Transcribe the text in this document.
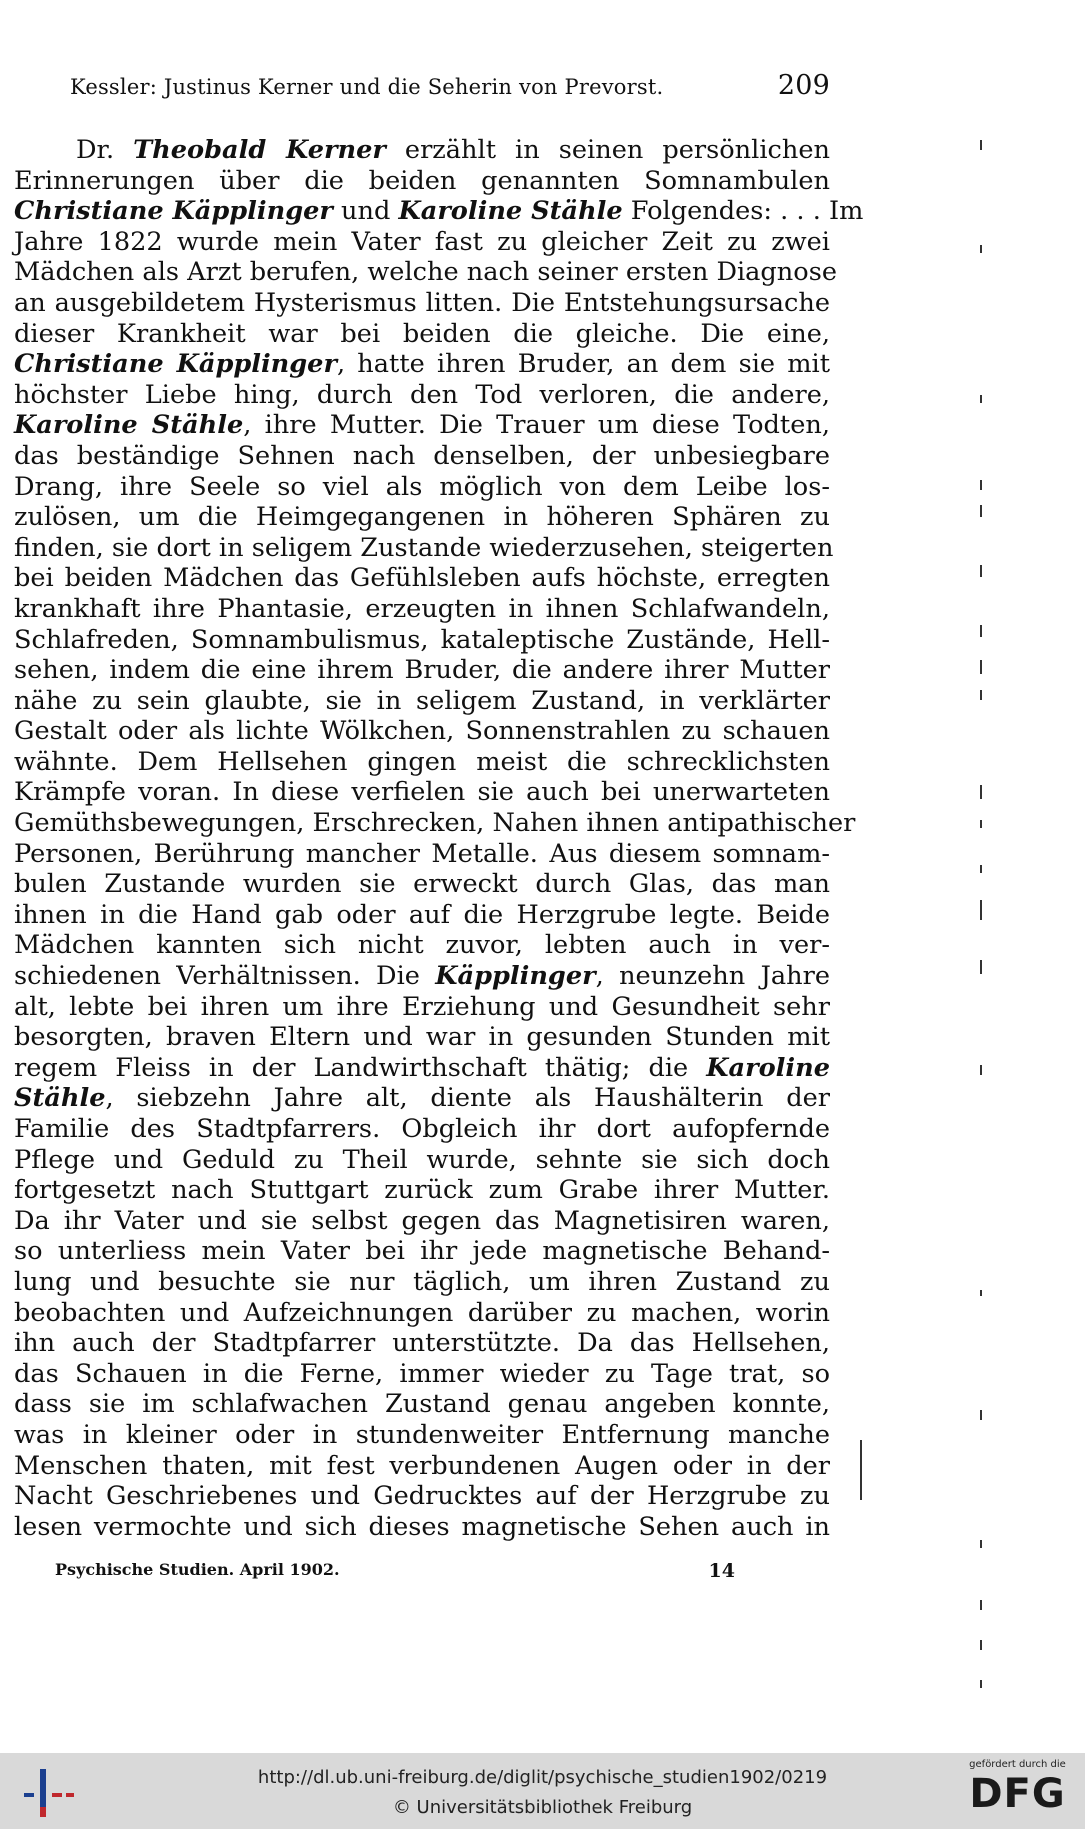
Kessler: Justinus Kerner und die Seherin von Prevorst.	209
Dr. Theobald Kerner erzählt in seinen persönlichen
Erinnerungen über die beiden genannten Somnambulen
Christiane Käpplinger und Karoline Stähle Folgendes: . . . Im
Jahre 1822 wurde mein Vater fast zu gleicher Zeit zu zwei
Mädchen als Arzt berufen, welche nach seiner ersten Diagnose
an ausgebildetem Hysterismus litten. Die Entstehungsursache
dieser Krankheit war bei beiden die gleiche. Die eine,
Christiane Käpplinger, hatte ihren Bruder, an dem sie mit
höchster Liebe hing, durch den Tod verloren, die andere,
Karoline Stähle, ihre Mutter. Die Trauer um diese Todten,
das beständige Sehnen nach denselben, der unbesiegbare
Drang, ihre Seele so viel als möglich von dem Leibe los-
zulösen, um die Heimgegangenen in höheren Sphären zu
finden, sie dort in seligem Zustande wiederzusehen, steigerten
bei beiden Mädchen das Gefühlsleben aufs höchste, erregten
krankhaft ihre Phantasie, erzeugten in ihnen Schlafwandeln,
Schlafreden, Somnambulismus, kataleptische Zustände, Hell-
sehen, indem die eine ihrem Bruder, die andere ihrer Mutter
nähe zu sein glaubte, sie in seligem Zustand, in verklärter
Gestalt oder als lichte Wölkchen, Sonnenstrahlen zu schauen
wähnte. Dem Hellsehen gingen meist die schrecklichsten
Krämpfe voran. In diese verfielen sie auch bei unerwarteten
Gemüthsbewegungen, Erschrecken, Nahen ihnen antipathischer
Personen, Berührung mancher Metalle. Aus diesem somnam-
bulen Zustande wurden sie erweckt durch Glas, das man
ihnen in die Hand gab oder auf die Herzgrube legte. Beide
Mädchen kannten sich nicht zuvor, lebten auch in ver-
schiedenen Verhältnissen. Die Käpplinger, neunzehn Jahre
alt, lebte bei ihren um ihre Erziehung und Gesundheit sehr
besorgten, braven Eltern und war in gesunden Stunden mit
regem Fleiss in der Landwirthschaft thätig; die Karoline
Stähle, siebzehn Jahre alt, diente als Haushälterin der
Familie des Stadtpfarrers. Obgleich ihr dort aufopfernde
Pflege und Geduld zu Theil wurde, sehnte sie sich doch
fortgesetzt nach Stuttgart zurück zum Grabe ihrer Mutter.
Da ihr Vater und sie selbst gegen das Magnetisiren waren,
so unterliess mein Vater bei ihr jede magnetische Behand-
lung und besuchte sie nur täglich, um ihren Zustand zu
beobachten und Aufzeichnungen darüber zu machen, worin
ihn auch der Stadtpfarrer unterstützte. Da das Hellsehen,
das Schauen in die Ferne, immer wieder zu Tage trat, so
dass sie im schlafwachen Zustand genau angeben konnte,
was in kleiner oder in stundenweiter Entfernung manche
Menschen thaten, mit fest verbundenen Augen oder in der
Nacht Geschriebenes und Gedrucktes auf der Herzgrube zu
lesen vermochte und sich dieses magnetische Sehen auch in
Psychische Studien. April 1902.	14
http://dl.ub.uni-freiburg.de/diglit/psychische_studien1902/0219
© Universitätsbibliothek Freiburg
gefördert durch die
DFG
